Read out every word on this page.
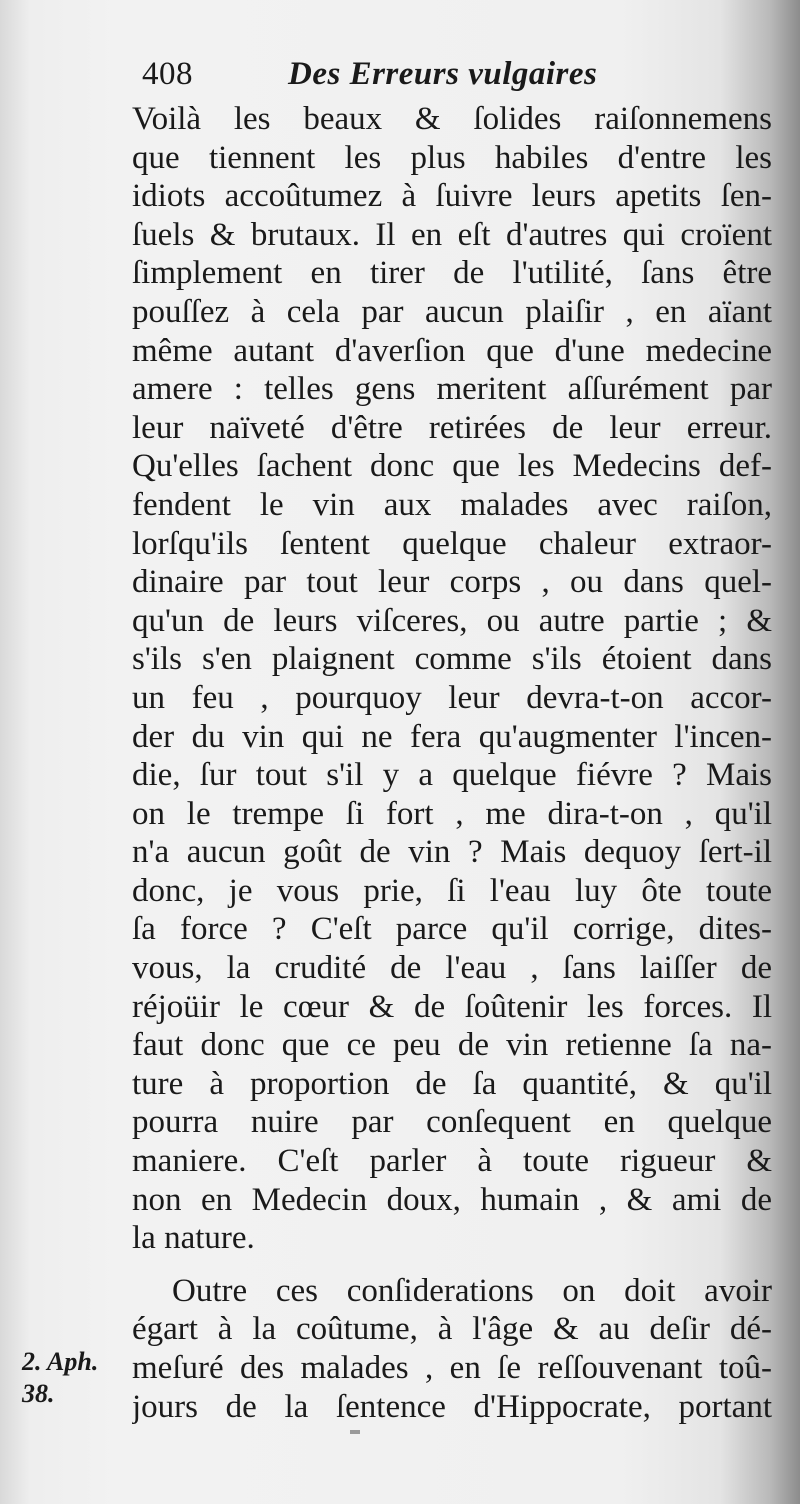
408	Des Erreurs vulgaires
Voilà les beaux & ſolides raiſonnemens
que tiennent les plus habiles d'entre les
idiots accoûtumez à ſuivre leurs apetits ſen-
ſuels & brutaux. Il en eſt d'autres qui croïent
ſimplement en tirer de l'utilité, ſans être
pouſſez à cela par aucun plaiſir , en aïant
même autant d'averſion que d'une medecine
amere : telles gens meritent aſſurément par
leur naïveté d'être retirées de leur erreur.
Qu'elles ſachent donc que les Medecins def-
fendent le vin aux malades avec raiſon,
lorſqu'ils ſentent quelque chaleur extraor-
dinaire par tout leur corps , ou dans quel-
qu'un de leurs viſceres, ou autre partie ; &
s'ils s'en plaignent comme s'ils étoient dans
un feu , pourquoy leur devra-t-on accor-
der du vin qui ne fera qu'augmenter l'incen-
die, ſur tout s'il y a quelque fiévre ? Mais
on le trempe ſi fort , me dira-t-on , qu'il
n'a aucun goût de vin ? Mais dequoy ſert-il
donc, je vous prie, ſi l'eau luy ôte toute
ſa force ? C'eſt parce qu'il corrige, dites-
vous, la crudité de l'eau , ſans laiſſer de
réjoüir le cœur & de ſoûtenir les forces. Il
faut donc que ce peu de vin retienne ſa na-
ture à proportion de ſa quantité, & qu'il
pourra nuire par conſequent en quelque
maniere. C'eſt parler à toute rigueur &
non en Medecin doux, humain , & ami de
la nature.
Outre ces conſiderations on doit avoir
égart à la coûtume, à l'âge & au deſir dé-
meſuré des malades , en ſe reſſouvenant toû-
jours de la ſentence d'Hippocrate, portant
2. Aph.
38.
